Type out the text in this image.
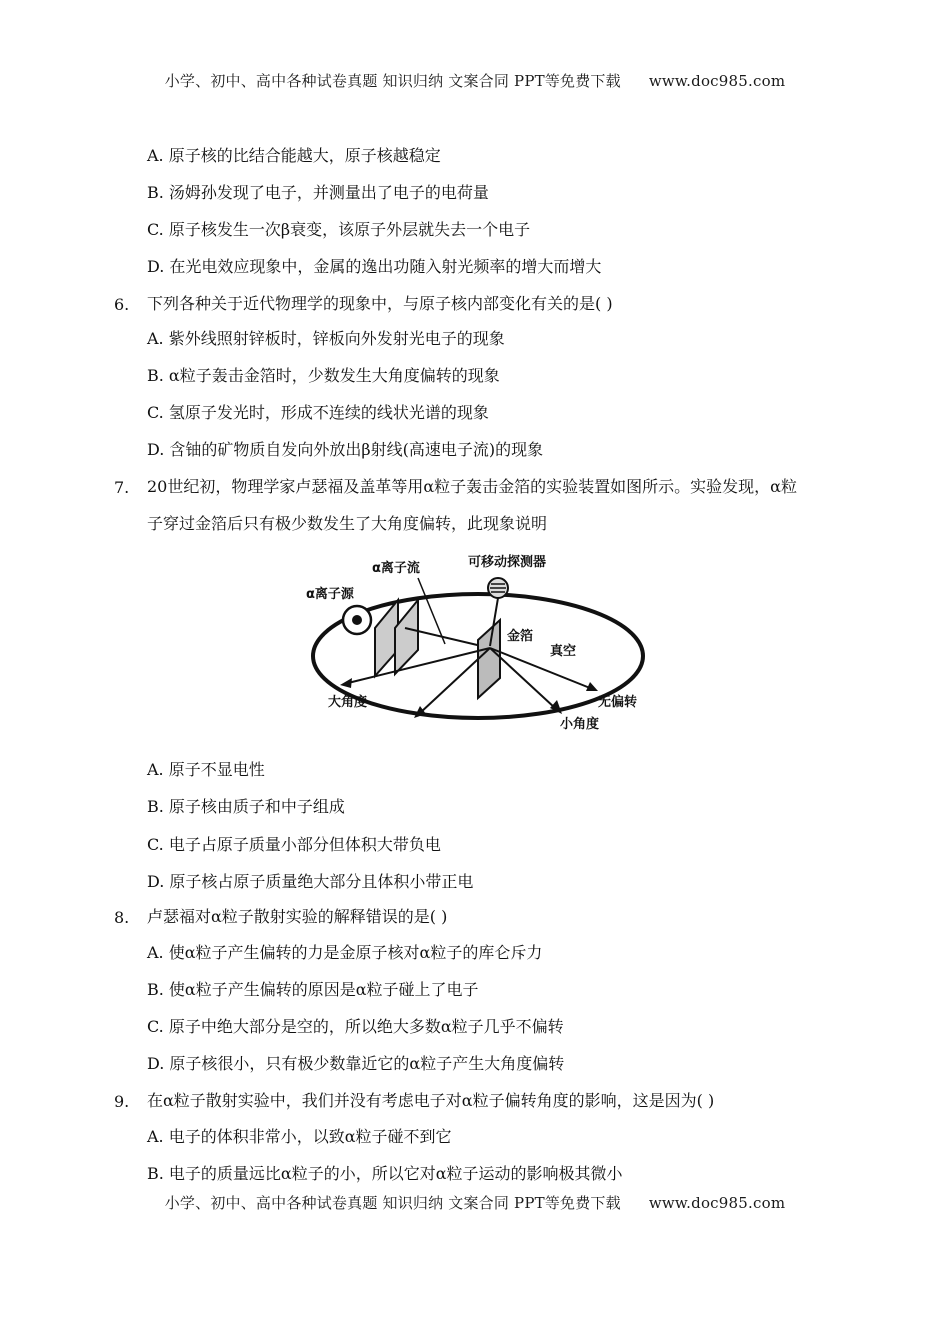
小学、初中、高中各种试卷真题 知识归纳 文案合同 PPT等免费下载 www.doc985.com
A. 原子核的比结合能越大，原子核越稳定
B. 汤姆孙发现了电子，并测量出了电子的电荷量
C. 原子核发生一次β衰变，该原子外层就失去一个电子
D. 在光电效应现象中，金属的逸出功随入射光频率的增大而增大
6. 下列各种关于近代物理学的现象中，与原子核内部变化有关的是( )
A. 紫外线照射锌板时，锌板向外发射光电子的现象
B. α粒子轰击金箔时，少数发生大角度偏转的现象
C. 氢原子发光时，形成不连续的线状光谱的现象
D. 含铀的矿物质自发向外放出β射线(高速电子流)的现象
7. 20世纪初，物理学家卢瑟福及盖革等用α粒子轰击金箔的实验装置如图所示。实验发现，α粒
子穿过金箔后只有极少数发生了大角度偏转，此现象说明
α离子源
α离子流	可移动探测器
金箔
真空
大角度	无偏转
小角度
A. 原子不显电性
B. 原子核由质子和中子组成
C. 电子占原子质量小部分但体积大带负电
D. 原子核占原子质量绝大部分且体积小带正电
8. 卢瑟福对α粒子散射实验的解释错误的是( )
A. 使α粒子产生偏转的力是金原子核对α粒子的库仑斥力
B. 使α粒子产生偏转的原因是α粒子碰上了电子
C. 原子中绝大部分是空的，所以绝大多数α粒子几乎不偏转
D. 原子核很小，只有极少数靠近它的α粒子产生大角度偏转
9. 在α粒子散射实验中，我们并没有考虑电子对α粒子偏转角度的影响，这是因为( )
A. 电子的体积非常小，以致α粒子碰不到它
B. 电子的质量远比α粒子的小，所以它对α粒子运动的影响极其微小
小学、初中、高中各种试卷真题 知识归纳 文案合同 PPT等免费下载 www.doc985.com
